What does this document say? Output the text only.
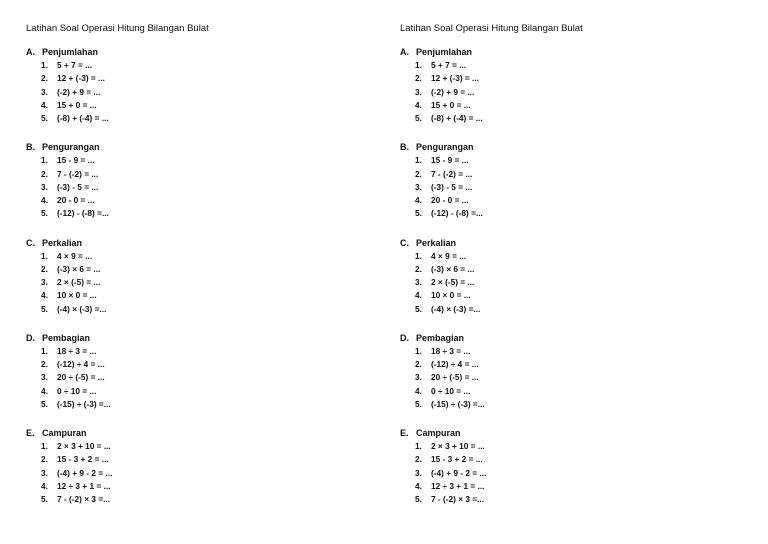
Latihan Soal Operasi Hitung Bilangan Bulat
A. Penjumlahan
1.	5 + 7 = ...
2.	12 + (-3) = ...
3.	(-2) + 9 = ...
4.	15 + 0 = ...
5.	(-8) + (-4) = ...
B. Pengurangan
1.	15 - 9 = ...
2.	7 - (-2) = ...
3.	(-3) - 5 = ...
4.	20 - 0 = ...
5.	(-12) - (-8) =...
C. Perkalian
1.	4 × 9 = ...
2.	(-3) × 6 = ...
3.	2 × (-5) = ...
4.	10 × 0 = ...
5.	(-4) × (-3) =...
D. Pembagian
1.	18 ÷ 3 = ...
2.	(-12) ÷ 4 = ...
3.	20 ÷ (-5) = ...
4.	0 ÷ 10 = ...
5.	(-15) ÷ (-3) =...
E. Campuran
1.	2 × 3 + 10 = ...
2.	15 - 3 + 2 = ...
3.	(-4) + 9 - 2 = ...
4.	12 ÷ 3 + 1 = ...
5.	7 - (-2) × 3 =...
Latihan Soal Operasi Hitung Bilangan Bulat
A. Penjumlahan
1.	5 + 7 = ...
2.	12 + (-3) = ...
3.	(-2) + 9 = ...
4.	15 + 0 = ...
5.	(-8) + (-4) = ...
B. Pengurangan
1.	15 - 9 = ...
2.	7 - (-2) = ...
3.	(-3) - 5 = ...
4.	20 - 0 = ...
5.	(-12) - (-8) =...
C. Perkalian
1.	4 × 9 = ...
2.	(-3) × 6 = ...
3.	2 × (-5) = ...
4.	10 × 0 = ...
5.	(-4) × (-3) =...
D. Pembagian
1.	18 ÷ 3 = ...
2.	(-12) ÷ 4 = ...
3.	20 ÷ (-5) = ...
4.	0 ÷ 10 = ...
5.	(-15) ÷ (-3) =...
E. Campuran
1.	2 × 3 + 10 = ...
2.	15 - 3 + 2 = ...
3.	(-4) + 9 - 2 = ...
4.	12 ÷ 3 + 1 = ...
5.	7 - (-2) × 3 =...
